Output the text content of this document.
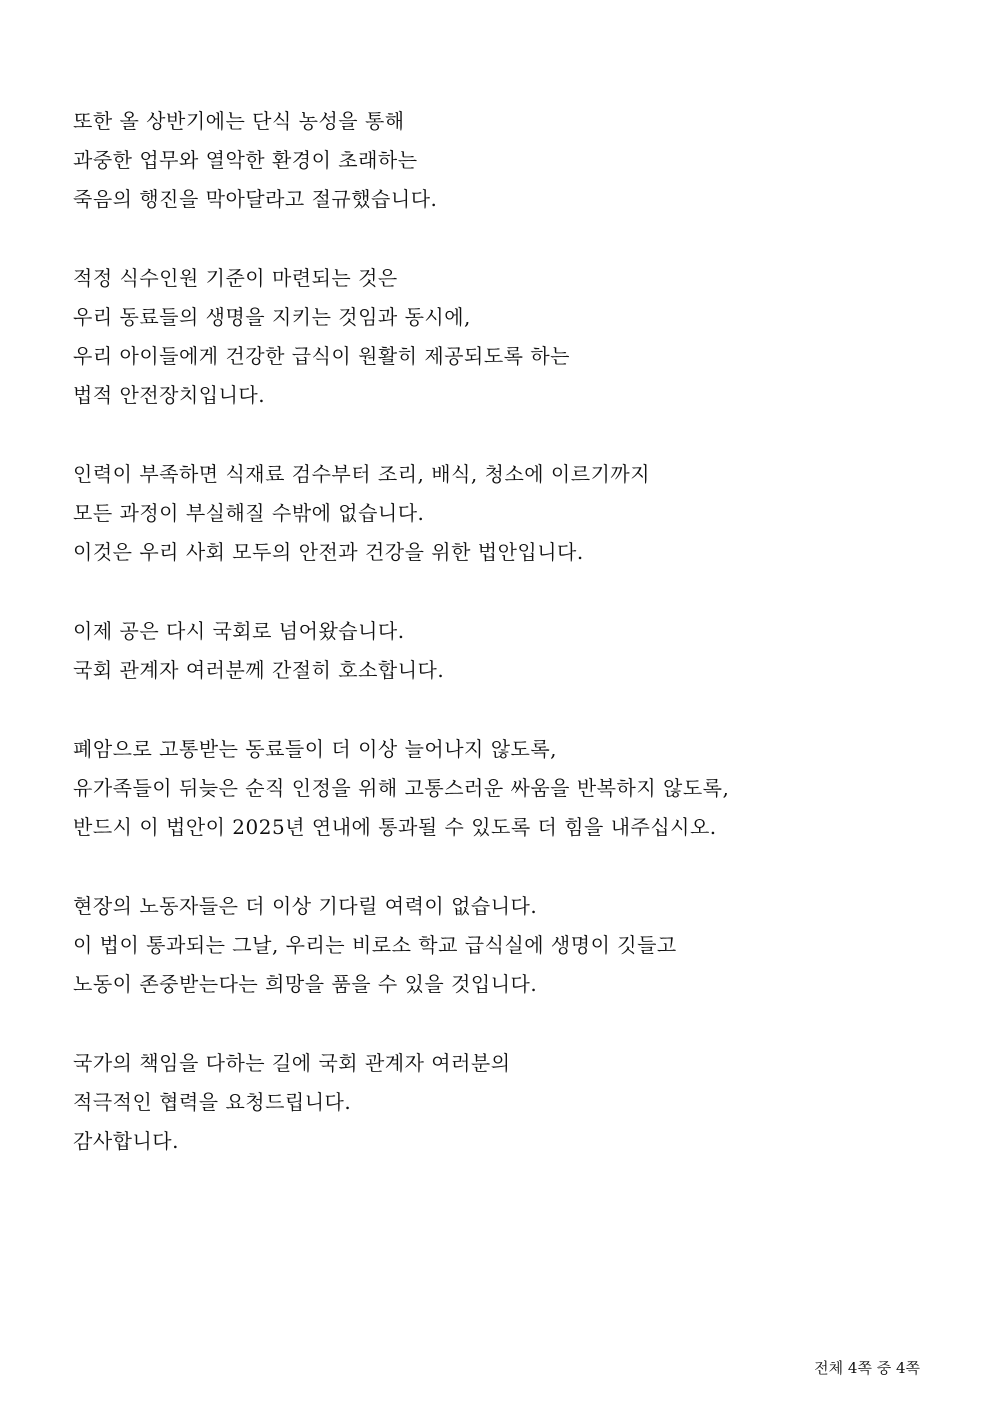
또한 올 상반기에는 단식 농성을 통해
과중한 업무와 열악한 환경이 초래하는
죽음의 행진을 막아달라고 절규했습니다.

적정 식수인원 기준이 마련되는 것은
우리 동료들의 생명을 지키는 것임과 동시에,
우리 아이들에게 건강한 급식이 원활히 제공되도록 하는
법적 안전장치입니다.

인력이 부족하면 식재료 검수부터 조리, 배식, 청소에 이르기까지
모든 과정이 부실해질 수밖에 없습니다.
이것은 우리 사회 모두의 안전과 건강을 위한 법안입니다.

이제 공은 다시 국회로 넘어왔습니다.
국회 관계자 여러분께 간절히 호소합니다.

폐암으로 고통받는 동료들이 더 이상 늘어나지 않도록,
유가족들이 뒤늦은 순직 인정을 위해 고통스러운 싸움을 반복하지 않도록,
반드시 이 법안이 2025년 연내에 통과될 수 있도록 더 힘을 내주십시오.

현장의 노동자들은 더 이상 기다릴 여력이 없습니다.
이 법이 통과되는 그날, 우리는 비로소 학교 급식실에 생명이 깃들고
노동이 존중받는다는 희망을 품을 수 있을 것입니다.

국가의 책임을 다하는 길에 국회 관계자 여러분의
적극적인 협력을 요청드립니다.
감사합니다.

전체 4쪽 중 4쪽
